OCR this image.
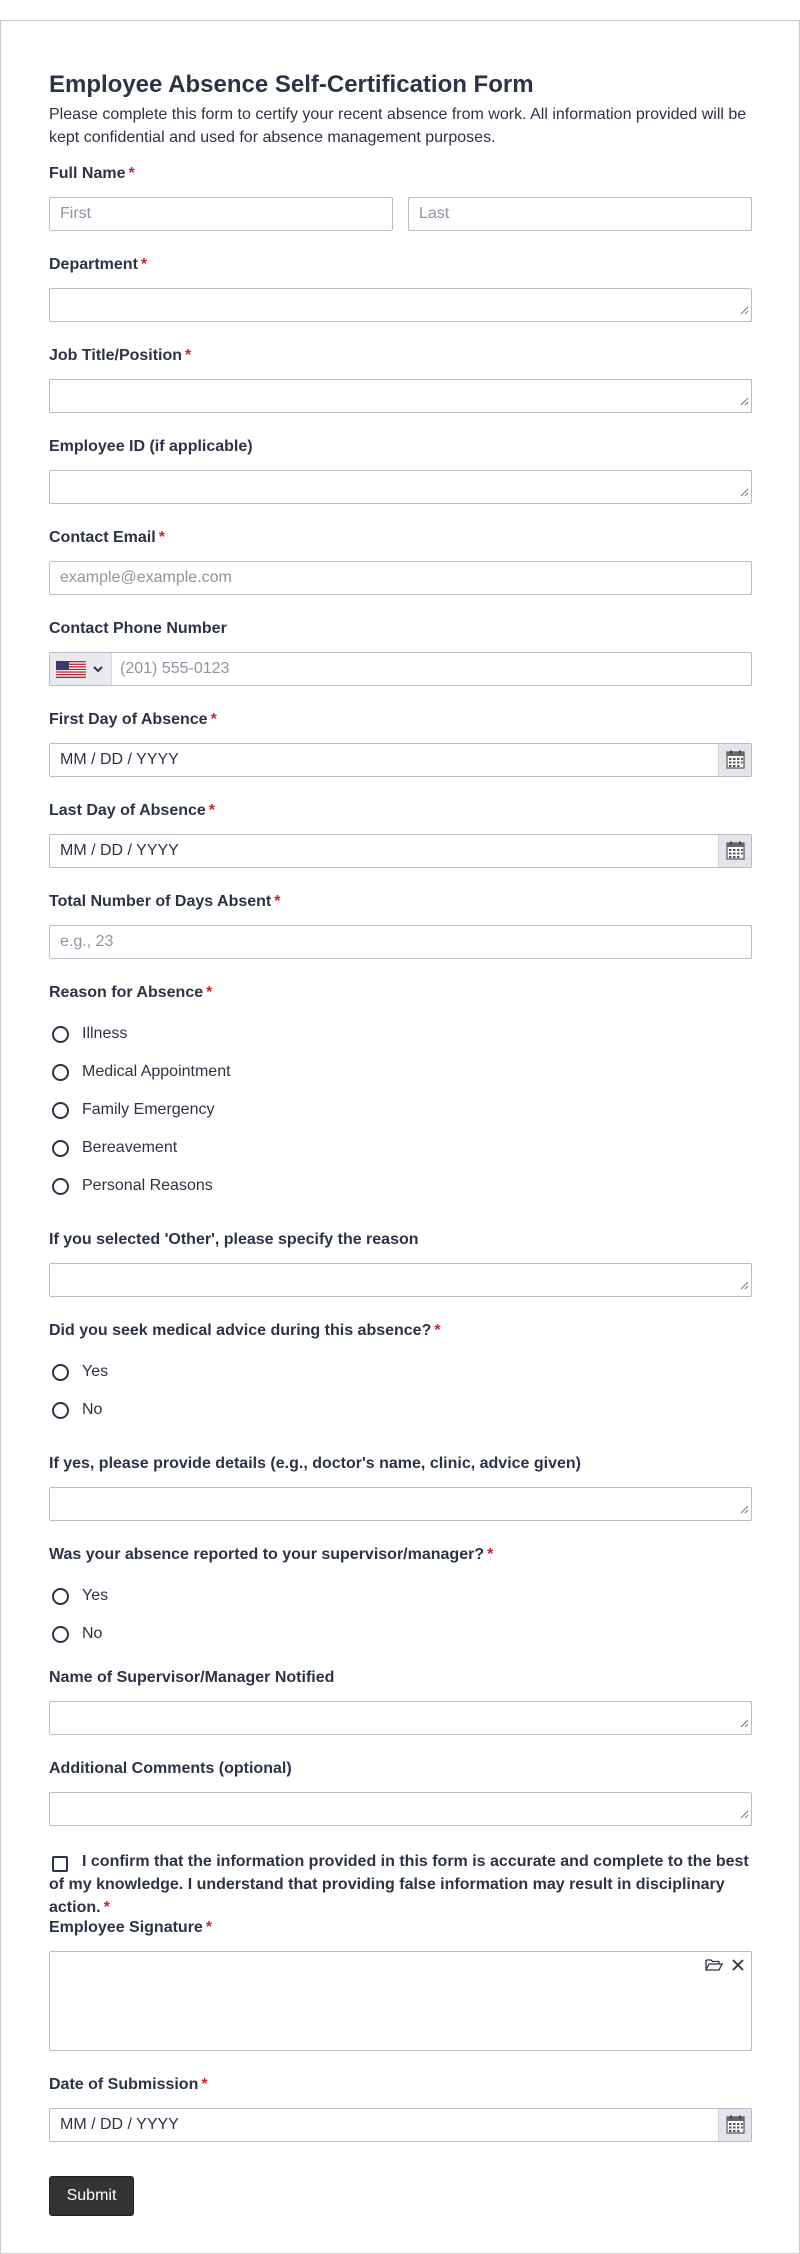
Employee Absence Self-Certification Form

Please complete this form to certify your recent absence from work. All information provided will be kept confidential and used for absence management purposes.

Full Name *
First
Last
Department *
Job Title/Position *
Employee ID (if applicable)
Contact Email *
example@example.com
Contact Phone Number
(201) 555-0123
First Day of Absence *
MM / DD / YYYY
Last Day of Absence *
MM / DD / YYYY
Total Number of Days Absent *
e.g., 23
Reason for Absence *
Illness
Medical Appointment
Family Emergency
Bereavement
Personal Reasons
If you selected 'Other', please specify the reason
Did you seek medical advice during this absence? *
Yes
No
If yes, please provide details (e.g., doctor's name, clinic, advice given)
Was your absence reported to your supervisor/manager? *
Yes
No
Name of Supervisor/Manager Notified
Additional Comments (optional)

I confirm that the information provided in this form is accurate and complete to the best of my knowledge. I understand that providing false information may result in disciplinary action. *

Employee Signature *
Date of Submission *
MM / DD / YYYY
Submit
